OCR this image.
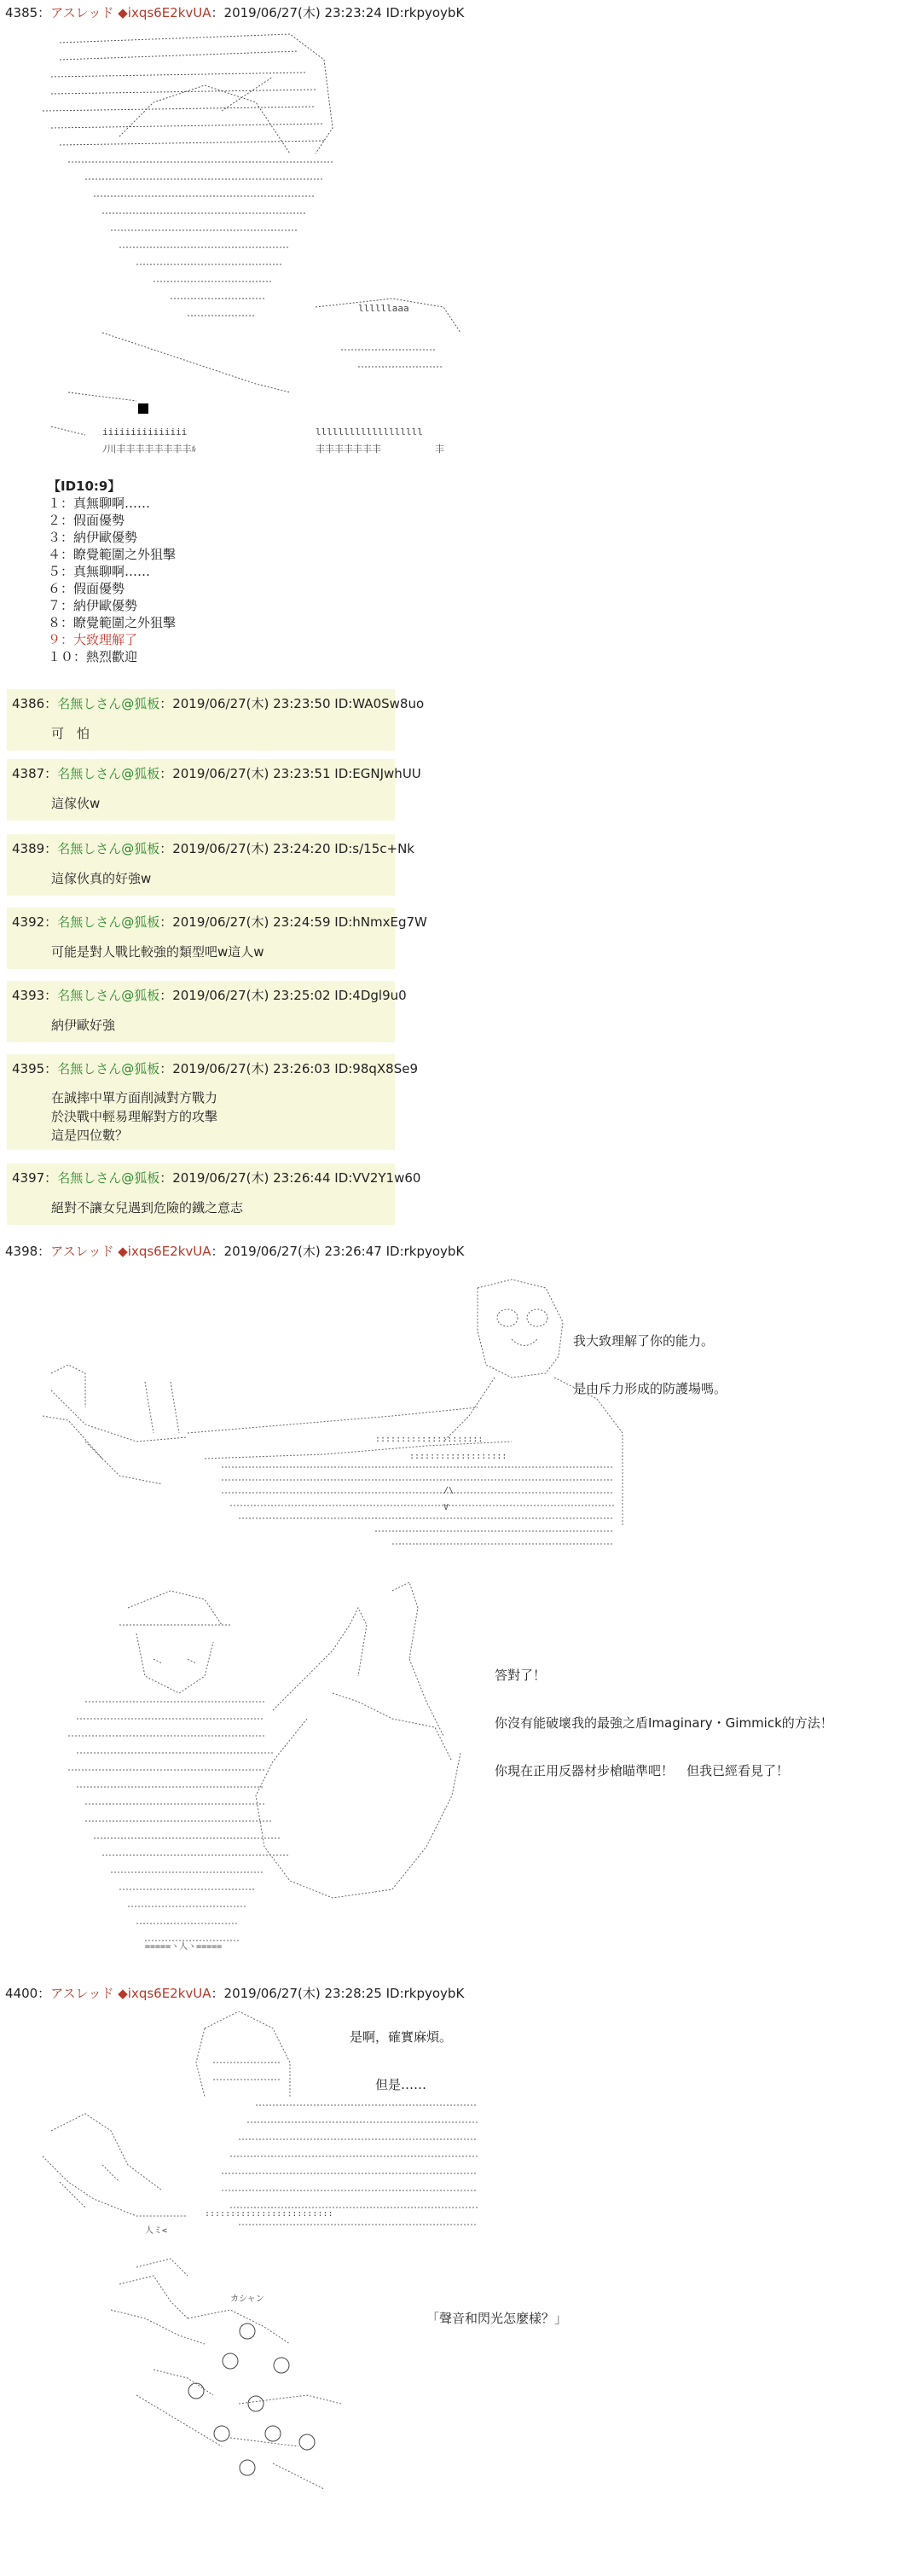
4385：アスレッド ◆ixqs6E2kvUA：2019/06/27(木) 23:23:24 ID:rkpyoybK
ﾉ川丰丰丰丰丰丰丰丰ﾙ	丰丰丰丰丰丰丰	丰
llllllaaa
iiiiiiiiiiiiiii	lllllllllllllllllll
【ID10:9】
１：真無聊啊……
２：假面優勢
３：納伊歐優勢
４：瞭覺範圍之外狙擊
５：真無聊啊……
６：假面優勢
７：納伊歐優勢
８：瞭覺範圍之外狙擊
９：大致理解了
１０：熱烈歡迎
4386：名無しさん@狐板：2019/06/27(木) 23:23:50 ID:WA0Sw8uo
可　怕
4387：名無しさん@狐板：2019/06/27(木) 23:23:51 ID:EGNJwhUU
這傢伙w
4389：名無しさん@狐板：2019/06/27(木) 23:24:20 ID:s/15c+Nk
這傢伙真的好強w
4392：名無しさん@狐板：2019/06/27(木) 23:24:59 ID:hNmxEg7W
可能是對人戰比較強的類型吧w這人w
4393：名無しさん@狐板：2019/06/27(木) 23:25:02 ID:4Dgl9u0
納伊歐好強
4395：名無しさん@狐板：2019/06/27(木) 23:26:03 ID:98qX8Se9
在誠摔中單方面削減對方戰力
於決戰中輕易理解對方的攻擊
這是四位數？
4397：名無しさん@狐板：2019/06/27(木) 23:26:44 ID:VV2Y1w60
絕對不讓女兒遇到危險的鐵之意志
4398：アスレッド ◆ixqs6E2kvUA：2019/06/27(木) 23:26:47 ID:rkpyoybK
:::::::::::::::::::::
:::::::::::::::::::
/\
V
我大致理解了你的能力。

是由斥力形成的防護場嗎。
=====ヽ人ヽ=====
答對了！

你沒有能破壞我的最強之盾Imaginary・Gimmick的方法！

你現在正用反器材步槍瞄準吧！　但我已經看見了！
4400：アスレッド ◆ixqs6E2kvUA：2019/06/27(木) 23:28:25 ID:rkpyoybK
:::::::::::::::::::::::::
人ミ<
是啊，確實麻煩。

　　但是……
カシャン
「聲音和閃光怎麼樣？」
